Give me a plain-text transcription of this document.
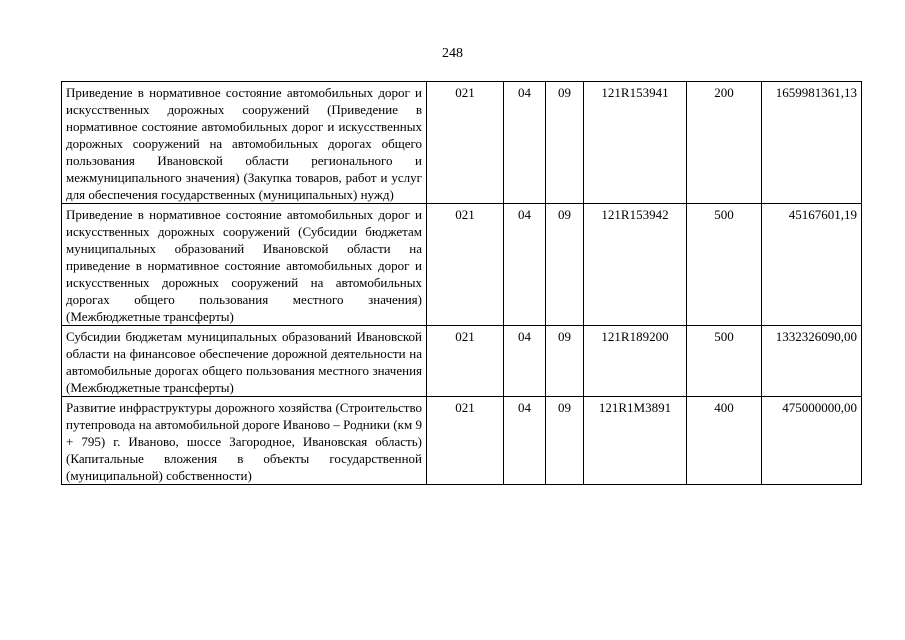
248
Приведение в нормативное состояние автомобильных дорог и искусственных дорожных сооружений (Приведение в нормативное состояние автомобильных дорог и искусственных дорожных сооружений на автомобильных дорогах общего пользования Ивановской области регионального и межмуниципального значения) (Закупка товаров, работ и услуг для обеспечения государственных (муниципальных) нужд)	021	04	09	121R153941	200	1659981361,13
Приведение в нормативное состояние автомобильных дорог и искусственных дорожных сооружений (Субсидии бюджетам муниципальных образований Ивановской области на приведение в нормативное состояние автомобильных дорог и искусственных дорожных сооружений на автомобильных дорогах общего пользования местного значения) (Межбюджетные трансферты)	021	04	09	121R153942	500	45167601,19
Субсидии бюджетам муниципальных образований Ивановской области на финансовое обеспечение дорожной деятельности на автомобильные дорогах общего пользования местного значения (Межбюджетные трансферты)	021	04	09	121R189200	500	1332326090,00
Развитие инфраструктуры дорожного хозяйства (Строительство путепровода на автомобильной дороге Иваново – Родники (км 9 + 795) г. Иваново, шоссе Загородное, Ивановская область) (Капитальные вложения в объекты государственной (муниципальной) собственности)	021	04	09	121R1M3891	400	475000000,00
